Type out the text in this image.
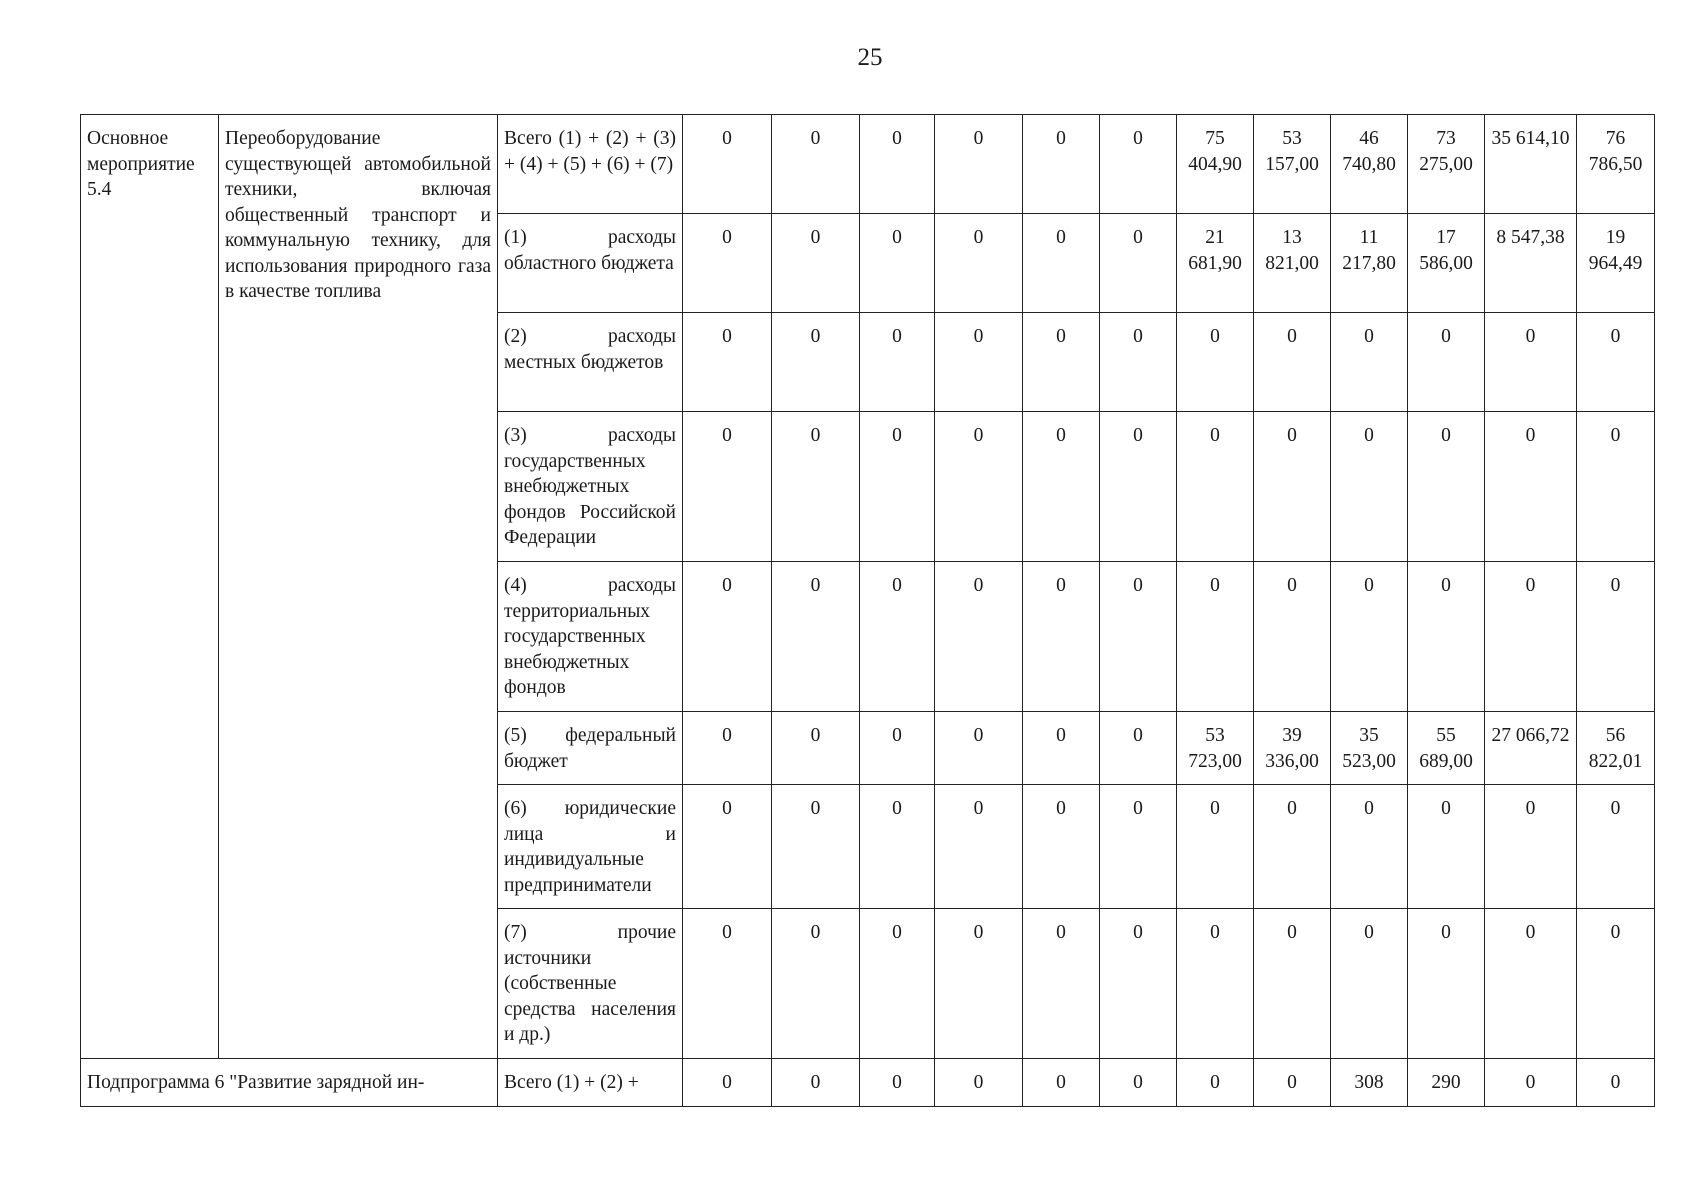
25
Основное мероприятие 5.4	Переоборудование существующей автомобильной техники, включая общественный транспорт и коммунальную технику, для использования природного газа в качестве топлива	Всего (1) + (2) + (3) + (4) + (5) + (6) + (7)	0	0	0	0	0	0	75 404,90	53 157,00	46 740,80	73 275,00	35 614,10	76 786,50
		(1) расходы областного бюджета	0	0	0	0	0	0	21 681,90	13 821,00	11 217,80	17 586,00	8 547,38	19 964,49
		(2) расходы местных бюджетов	0	0	0	0	0	0	0	0	0	0	0	0
		(3) расходы государственных внебюджетных фондов Российской Федерации	0	0	0	0	0	0	0	0	0	0	0	0
		(4) расходы территориальных государственных внебюджетных фондов	0	0	0	0	0	0	0	0	0	0	0	0
		(5) федеральный бюджет	0	0	0	0	0	0	53 723,00	39 336,00	35 523,00	55 689,00	27 066,72	56 822,01
		(6) юридические лица и индивидуальные предприниматели	0	0	0	0	0	0	0	0	0	0	0	0
		(7) прочие источники (собственные средства населения и др.)	0	0	0	0	0	0	0	0	0	0	0	0
Подпрограмма 6 "Развитие зарядной ин-		Всего (1) + (2) +	0	0	0	0	0	0	0	0	308	290	0	0
